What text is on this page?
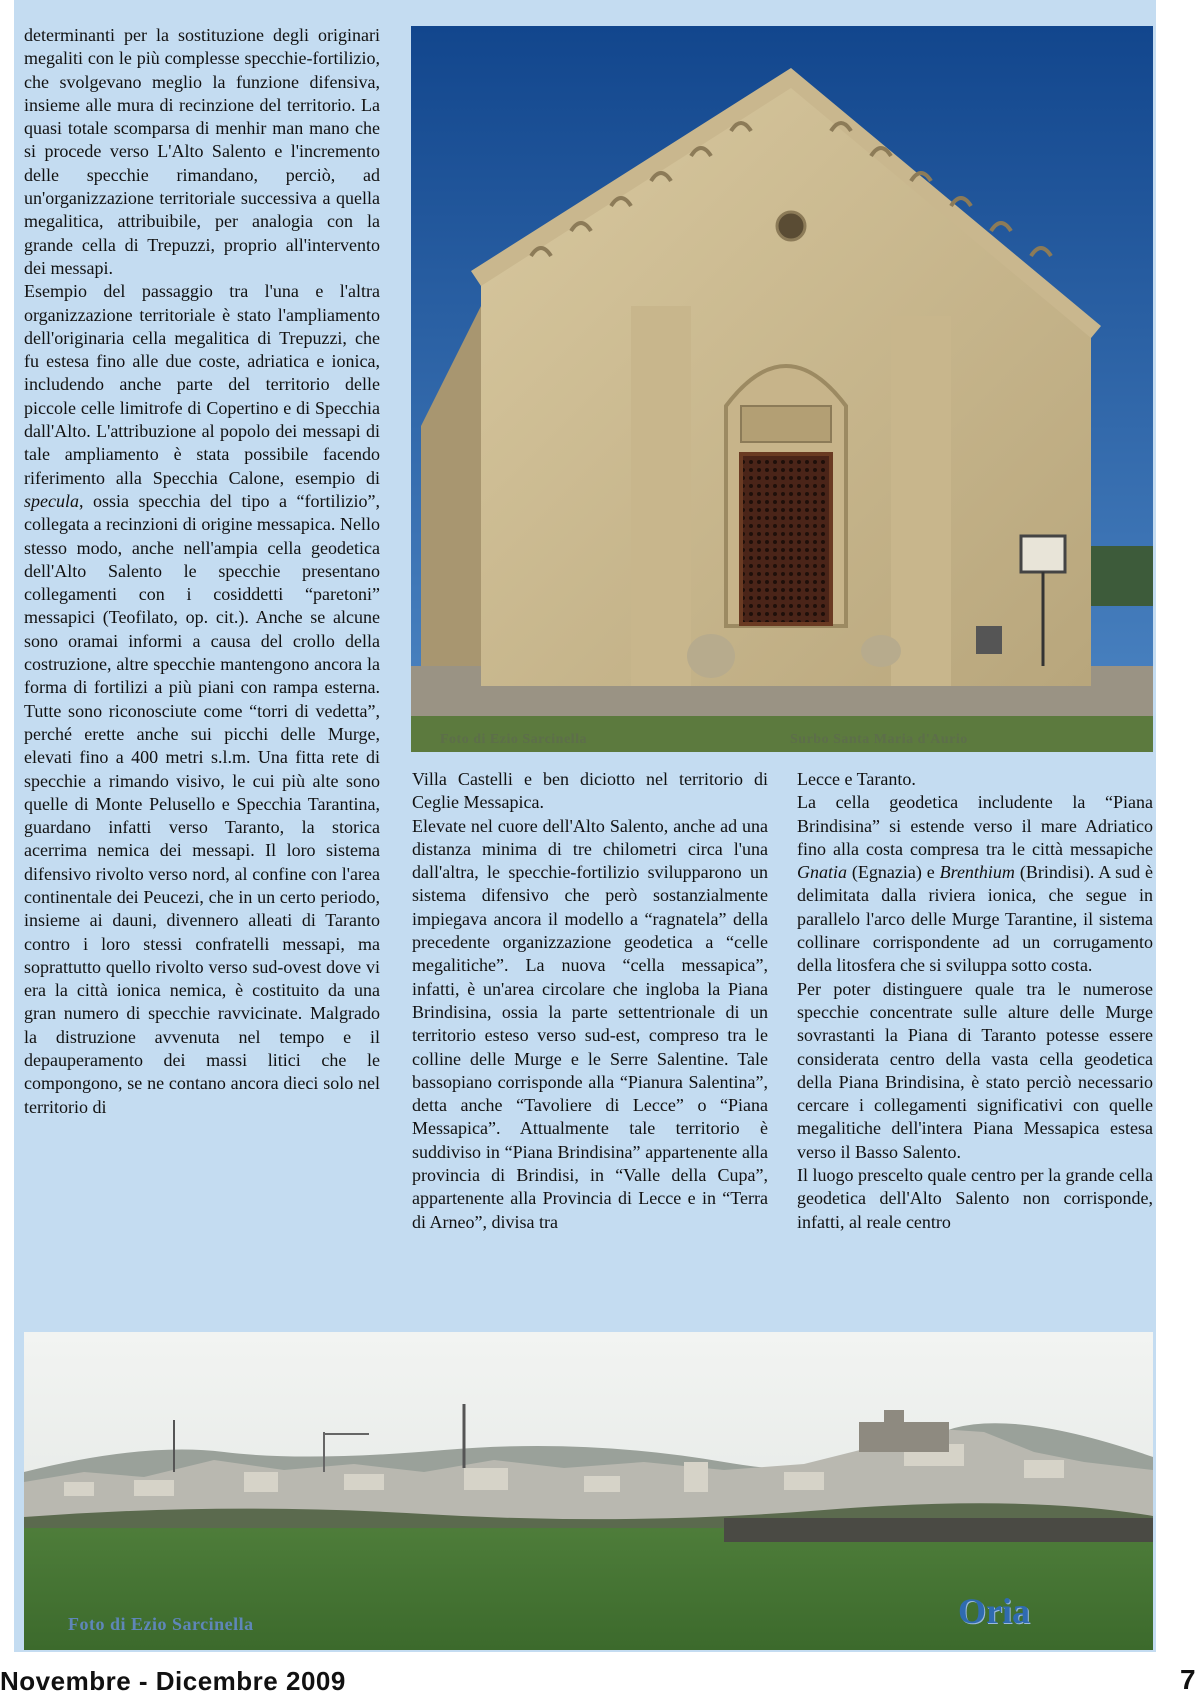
determinanti per la sostituzione degli originari megaliti con le più complesse specchie-fortilizio, che svolgevano meglio la funzione difensiva, insieme alle mura di recinzione del territorio. La quasi totale scomparsa di menhir man mano che si procede verso L'Alto Salento e l'incremento delle specchie rimandano, perciò, ad un'organizzazione territoriale successiva a quella megalitica, attribuibile, per analogia con la grande cella di Trepuzzi, proprio all'intervento dei messapi.

Esempio del passaggio tra l'una e l'altra organizzazione territoriale è stato l'ampliamento dell'originaria cella megalitica di Trepuzzi, che fu estesa fino alle due coste, adriatica e ionica, includendo anche parte del territorio delle piccole celle limitrofe di Copertino e di Specchia dall'Alto. L'attribuzione al popolo dei messapi di tale ampliamento è stata possibile facendo riferimento alla Specchia Calone, esempio di specula, ossia specchia del tipo a “fortilizio”, collegata a recinzioni di origine messapica. Nello stesso modo, anche nell'ampia cella geodetica dell'Alto Salento le specchie presentano collegamenti con i cosiddetti “paretoni” messapici (Teofilato, op. cit.). Anche se alcune sono oramai informi a causa del crollo della costruzione, altre specchie mantengono ancora la forma di fortilizi a più piani con rampa esterna. Tutte sono riconosciute come “torri di vedetta”, perché erette anche sui picchi delle Murge, elevati fino a 400 metri s.l.m. Una fitta rete di specchie a rimando visivo, le cui più alte sono quelle di Monte Pelusello e Specchia Tarantina, guardano infatti verso Taranto, la storica acerrima nemica dei messapi. Il loro sistema difensivo rivolto verso nord, al confine con l'area continentale dei Peucezi, che in un certo periodo, insieme ai dauni, divennero alleati di Taranto contro i loro stessi confratelli messapi, ma soprattutto quello rivolto verso sud-ovest dove vi era la città ionica nemica, è costituito da una gran numero di specchie ravvicinate. Malgrado la distruzione avvenuta nel tempo e il depauperamento dei massi litici che le compongono, se ne contano ancora dieci solo nel territorio di

Foto di Ezio Sarcinella	Surbo Santa Maria d'Aurio

Villa Castelli e ben diciotto nel territorio di Ceglie Messapica.

Elevate nel cuore dell'Alto Salento, anche ad una distanza minima di tre chilometri circa l'una dall'altra, le specchie-fortilizio svilupparono un sistema difensivo che però sostanzialmente impiegava ancora il modello a “ragnatela” della precedente organizzazione geodetica a “celle megalitiche”. La nuova “cella messapica”, infatti, è un'area circolare che ingloba la Piana Brindisina, ossia la parte settentrionale di un territorio esteso verso sud-est, compreso tra le colline delle Murge e le Serre Salentine. Tale bassopiano corrisponde alla “Pianura Salentina”, detta anche “Tavoliere di Lecce” o “Piana Messapica”. Attualmente tale territorio è suddiviso in “Piana Brindisina” appartenente alla provincia di Brindisi, in “Valle della Cupa”, appartenente alla Provincia di Lecce e in “Terra di Arneo”, divisa tra

Lecce e Taranto.

La cella geodetica includente la “Piana Brindisina” si estende verso il mare Adriatico fino alla costa compresa tra le città messapiche Gnatia (Egnazia) e Brenthium (Brindisi). A sud è delimitata dalla riviera ionica, che segue in parallelo l'arco delle Murge Tarantine, il sistema collinare corrispondente ad un corrugamento della litosfera che si sviluppa sotto costa.

Per poter distinguere quale tra le numerose specchie concentrate sulle alture delle Murge sovrastanti la Piana di Taranto potesse essere considerata centro della vasta cella geodetica della Piana Brindisina, è stato perciò necessario cercare i collegamenti significativi con quelle megalitiche dell'intera Piana Messapica estesa verso il Basso Salento.

Il luogo prescelto quale centro per la grande cella geodetica dell'Alto Salento non corrisponde, infatti, al reale centro

Foto di Ezio Sarcinella	Oria
Novembre - Dicembre 2009	7
